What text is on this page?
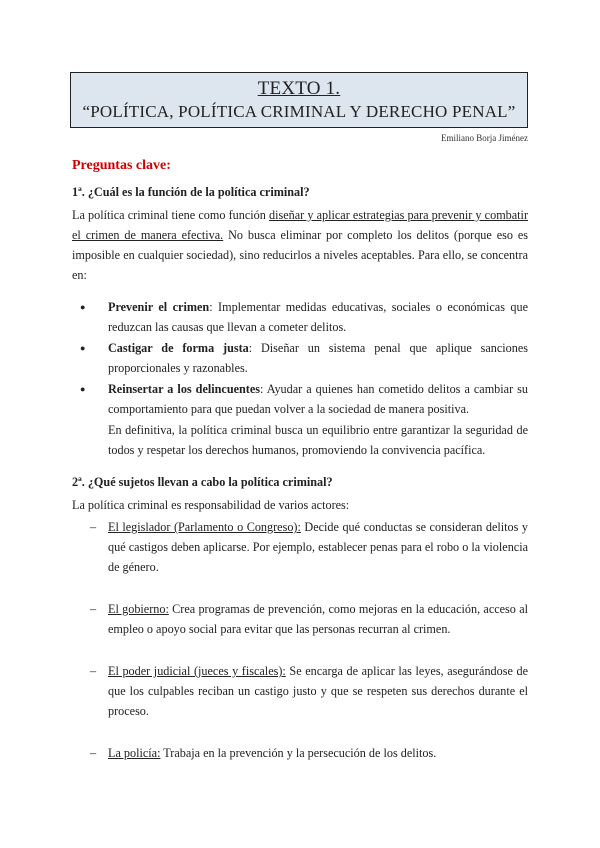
TEXTO 1.
“POLÍTICA, POLÍTICA CRIMINAL Y DERECHO PENAL”
Emiliano Borja Jiménez
Preguntas clave:
1ª. ¿Cuál es la función de la política criminal?

La política criminal tiene como función diseñar y aplicar estrategias para prevenir y combatir el crimen de manera efectiva. No busca eliminar por completo los delitos (porque eso es imposible en cualquier sociedad), sino reducirlos a niveles aceptables. Para ello, se concentra en:

● Prevenir el crimen: Implementar medidas educativas, sociales o económicas que reduzcan las causas que llevan a cometer delitos.
● Castigar de forma justa: Diseñar un sistema penal que aplique sanciones proporcionales y razonables.
● Reinsertar a los delincuentes: Ayudar a quienes han cometido delitos a cambiar su comportamiento para que puedan volver a la sociedad de manera positiva.

En definitiva, la política criminal busca un equilibrio entre garantizar la seguridad de todos y respetar los derechos humanos, promoviendo la convivencia pacífica.

2ª. ¿Qué sujetos llevan a cabo la política criminal?

La política criminal es responsabilidad de varios actores:

– El legislador (Parlamento o Congreso): Decide qué conductas se consideran delitos y qué castigos deben aplicarse. Por ejemplo, establecer penas para el robo o la violencia de género.
– El gobierno: Crea programas de prevención, como mejoras en la educación, acceso al empleo o apoyo social para evitar que las personas recurran al crimen.
– El poder judicial (jueces y fiscales): Se encarga de aplicar las leyes, asegurándose de que los culpables reciban un castigo justo y que se respeten sus derechos durante el proceso.
– La policía: Trabaja en la prevención y la persecución de los delitos.
